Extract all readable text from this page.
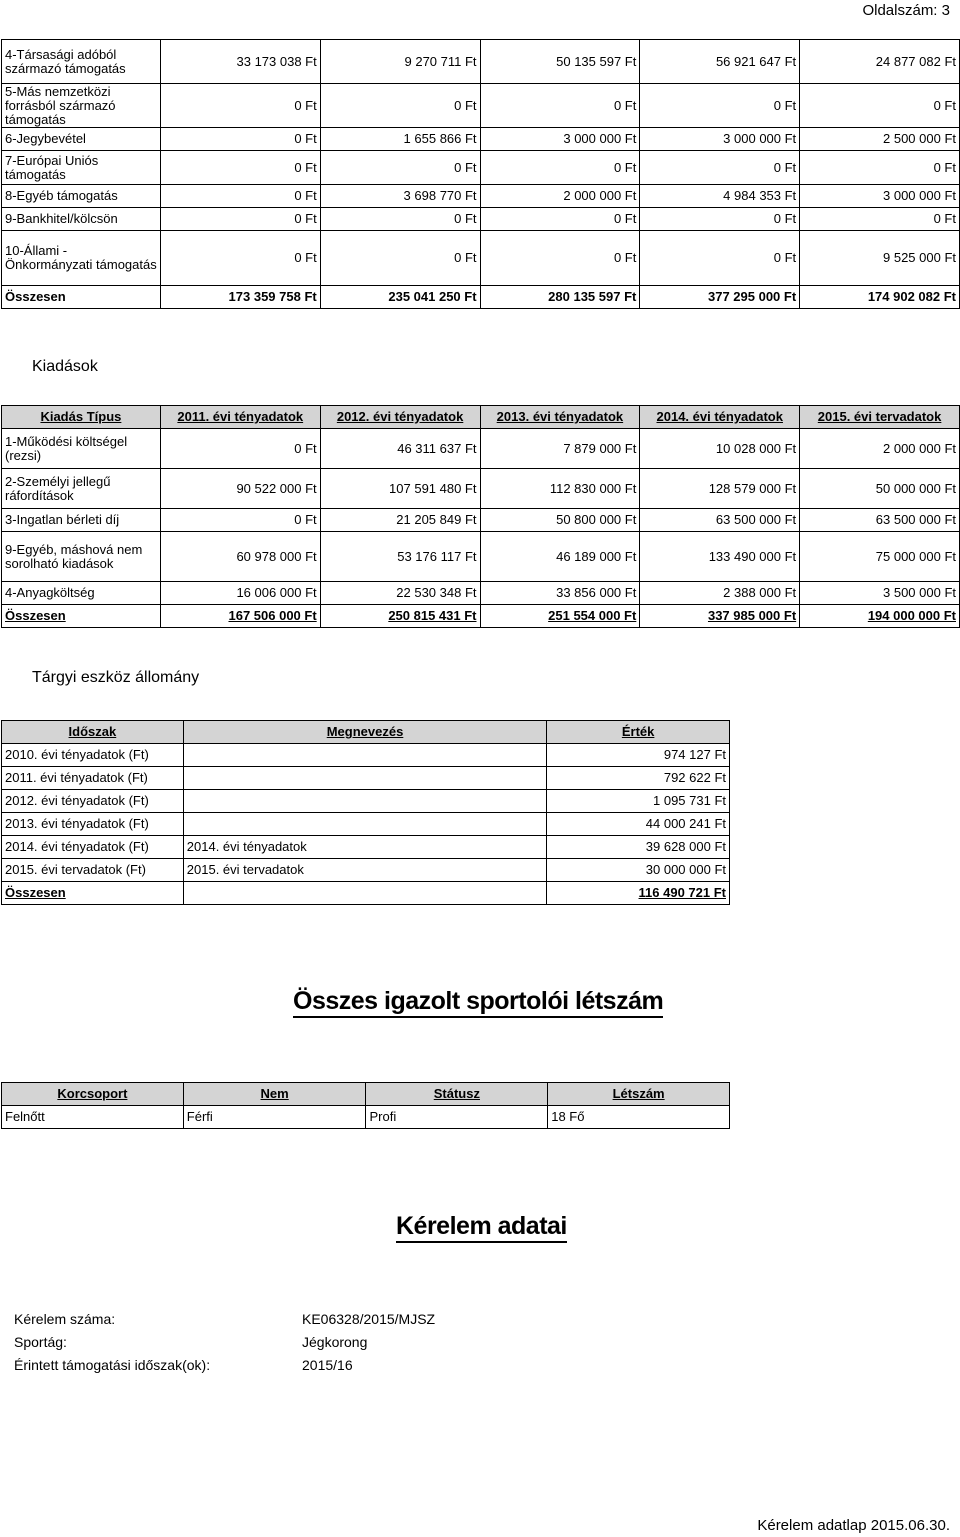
Oldalszám: 3
4-Társasági adóból származó támogatás	33 173 038 Ft	9 270 711 Ft	50 135 597 Ft	56 921 647 Ft	24 877 082 Ft
5-Más nemzetközi forrásból származó támogatás	0 Ft	0 Ft	0 Ft	0 Ft	0 Ft
6-Jegybevétel	0 Ft	1 655 866 Ft	3 000 000 Ft	3 000 000 Ft	2 500 000 Ft
7-Európai Uniós támogatás	0 Ft	0 Ft	0 Ft	0 Ft	0 Ft
8-Egyéb támogatás	0 Ft	3 698 770 Ft	2 000 000 Ft	4 984 353 Ft	3 000 000 Ft
9-Bankhitel/kölcsön	0 Ft	0 Ft	0 Ft	0 Ft	0 Ft
10-Állami - Önkormányzati támogatás	0 Ft	0 Ft	0 Ft	0 Ft	9 525 000 Ft
Összesen	173 359 758 Ft	235 041 250 Ft	280 135 597 Ft	377 295 000 Ft	174 902 082 Ft
Kiadások
Kiadás Típus	2011. évi tényadatok	2012. évi tényadatok	2013. évi tényadatok	2014. évi tényadatok	2015. évi tervadatok
1-Működési költségel (rezsi)	0 Ft	46 311 637 Ft	7 879 000 Ft	10 028 000 Ft	2 000 000 Ft
2-Személyi jellegű ráfordítások	90 522 000 Ft	107 591 480 Ft	112 830 000 Ft	128 579 000 Ft	50 000 000 Ft
3-Ingatlan bérleti díj	0 Ft	21 205 849 Ft	50 800 000 Ft	63 500 000 Ft	63 500 000 Ft
9-Egyéb, máshová nem sorolható kiadások	60 978 000 Ft	53 176 117 Ft	46 189 000 Ft	133 490 000 Ft	75 000 000 Ft
4-Anyagköltség	16 006 000 Ft	22 530 348 Ft	33 856 000 Ft	2 388 000 Ft	3 500 000 Ft
Összesen	167 506 000 Ft	250 815 431 Ft	251 554 000 Ft	337 985 000 Ft	194 000 000 Ft
Tárgyi eszköz állomány
Időszak	Megnevezés	Érték
2010. évi tényadatok (Ft)		974 127 Ft
2011. évi tényadatok (Ft)		792 622 Ft
2012. évi tényadatok (Ft)		1 095 731 Ft
2013. évi tényadatok (Ft)		44 000 241 Ft
2014. évi tényadatok (Ft)	2014. évi tényadatok	39 628 000 Ft
2015. évi tervadatok (Ft)	2015. évi tervadatok	30 000 000 Ft
Összesen		116 490 721 Ft
Összes igazolt sportolói létszám
Korcsoport	Nem	Státusz	Létszám
Felnőtt	Férfi	Profi	18 Fő
Kérelem adatai
Kérelem száma:	KE06328/2015/MJSZ
Sportág:	Jégkorong
Érintett támogatási időszak(ok):	2015/16
Kérelem adatlap 2015.06.30.
